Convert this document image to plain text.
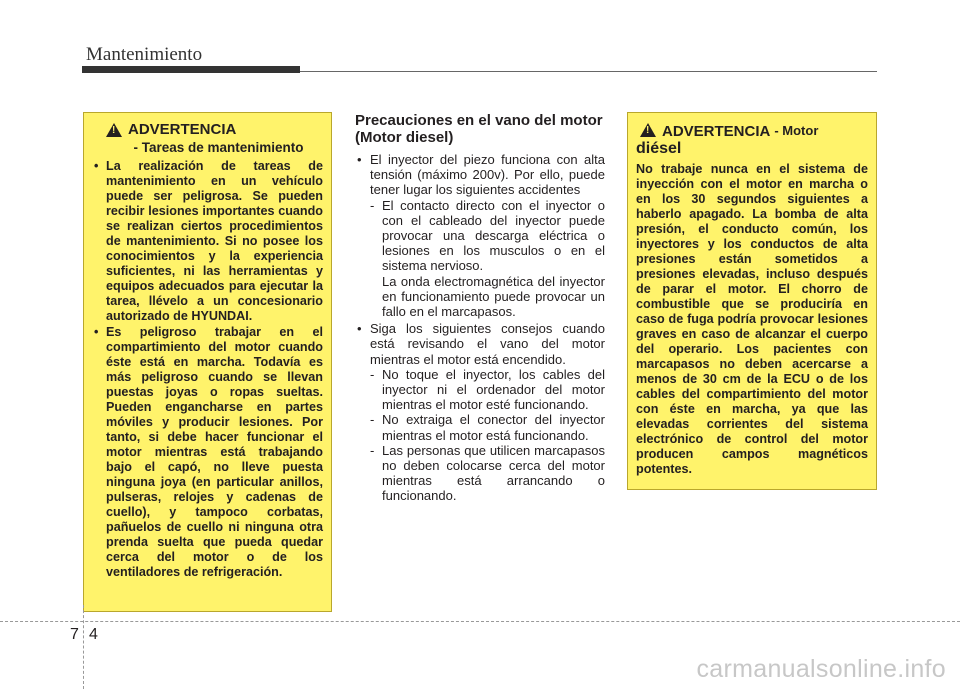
Mantenimiento
!
ADVERTENCIA
- Tareas de mantenimiento
• La realización de tareas de mantenimiento en un vehículo puede ser peligrosa. Se pueden recibir lesiones importantes cuando se realizan ciertos procedimientos de mantenimiento. Si no posee los conocimientos y la experiencia suficientes, ni las herramientas y equipos adecuados para ejecutar la tarea, llévelo a un concesionario autorizado de HYUNDAI.
• Es peligroso trabajar en el compartimiento del motor cuando éste está en marcha. Todavía es más peligroso cuando se llevan puestas joyas o ropas sueltas. Pueden engancharse en partes móviles y producir lesiones. Por tanto, si debe hacer funcionar el motor mientras está trabajando bajo el capó, no lleve puesta ninguna joya (en particular anillos, pulseras, relojes y cadenas de cuello), y tampoco corbatas, pañuelos de cuello ni ninguna otra prenda suelta que pueda quedar cerca del motor o de los ventiladores de refrigeración.
Precauciones en el vano del motor (Motor diesel)
• El inyector del piezo funciona con alta tensión (máximo 200v). Por ello, puede tener lugar los siguientes accidentes
- El contacto directo con el inyector o con el cableado del inyector puede provocar una descarga eléctrica o lesiones en los musculos o en el sistema nervioso.
La onda electromagnética del inyector en funcionamiento puede provocar un fallo en el marcapasos.
• Siga los siguientes consejos cuando está revisando el vano del motor mientras el motor está encendido.
- No toque el inyector, los cables del inyector ni el ordenador del motor mientras el motor esté funcionando.
- No extraiga el conector del inyector mientras el motor está funcionando.
- Las personas que utilicen marcapasos no deben colocarse cerca del motor mientras está arrancando o funcionando.
!
ADVERTENCIA - Motor
diésel
No trabaje nunca en el sistema de inyección con el motor en marcha o en los 30 segundos siguientes a haberlo apagado. La bomba de alta presión, el conducto común, los inyectores y los conductos de alta presiones están sometidos a presiones elevadas, incluso después de parar el motor. El chorro de combustible que se produciría en caso de fuga podría provocar lesiones graves en caso de alcanzar el cuerpo del operario. Los pacientes con marcapasos no deben acercarse a menos de 30 cm de la ECU o de los cables del compartimiento del motor con éste en marcha, ya que las elevadas corrientes del sistema electrónico de control del motor producen campos magnéticos potentes.
7 4
carmanualsonline.info
